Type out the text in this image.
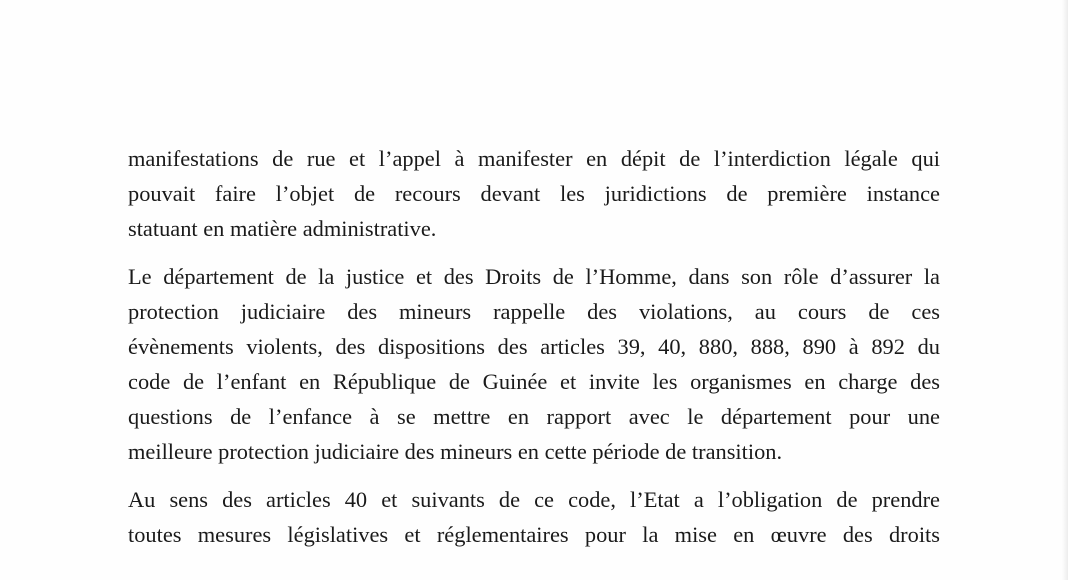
manifestations de rue et l’appel à manifester en dépit de l’interdiction légale qui
pouvait faire l’objet de recours devant les juridictions de première instance
statuant en matière administrative.
Le département de la justice et des Droits de l’Homme, dans son rôle d’assurer la
protection judiciaire des mineurs rappelle des violations, au cours de ces
évènements violents, des dispositions des articles 39, 40, 880, 888, 890 à 892 du
code de l’enfant en République de Guinée et invite les organismes en charge des
questions de l’enfance à se mettre en rapport avec le département pour une
meilleure protection judiciaire des mineurs en cette période de transition.
Au sens des articles 40 et suivants de ce code, l’Etat a l’obligation de prendre
toutes mesures législatives et réglementaires pour la mise en œuvre des droits
